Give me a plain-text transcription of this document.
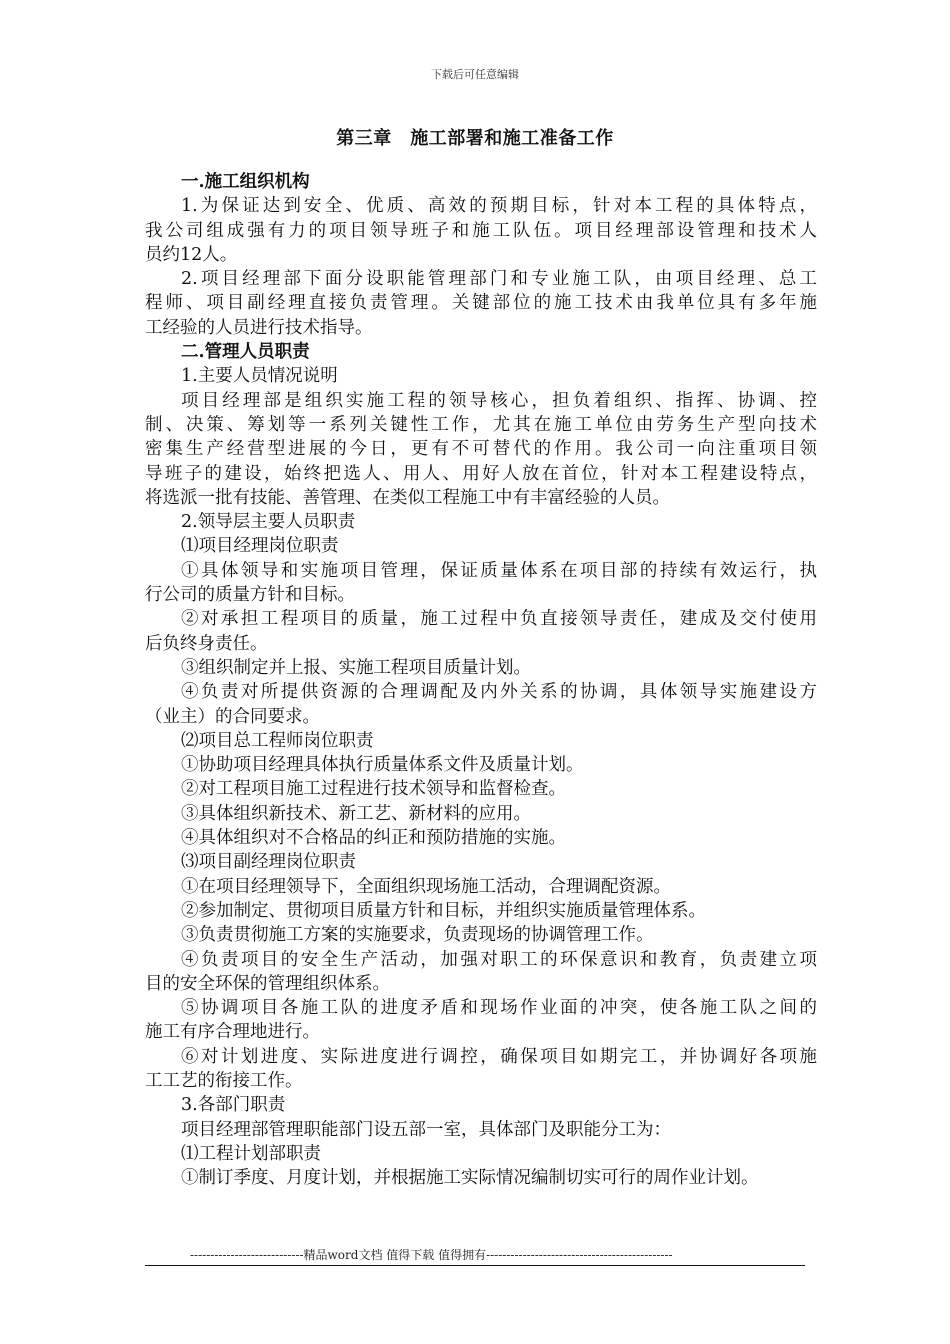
下载后可任意编辑
第三章　施工部署和施工准备工作
一.施工组织机构
1.为保证达到安全、优质、高效的预期目标，针对本工程的具体特点，
我公司组成强有力的项目领导班子和施工队伍。项目经理部设管理和技术人
员约12人。
2.项目经理部下面分设职能管理部门和专业施工队，由项目经理、总工
程师、项目副经理直接负责管理。关键部位的施工技术由我单位具有多年施
工经验的人员进行技术指导。
二.管理人员职责
1.主要人员情况说明
项目经理部是组织实施工程的领导核心，担负着组织、指挥、协调、控
制、决策、筹划等一系列关键性工作，尤其在施工单位由劳务生产型向技术
密集生产经营型进展的今日，更有不可替代的作用。我公司一向注重项目领
导班子的建设，始终把选人、用人、用好人放在首位，针对本工程建设特点，
将选派一批有技能、善管理、在类似工程施工中有丰富经验的人员。
2.领导层主要人员职责
⑴项目经理岗位职责
①具体领导和实施项目管理，保证质量体系在项目部的持续有效运行，执
行公司的质量方针和目标。
②对承担工程项目的质量，施工过程中负直接领导责任，建成及交付使用
后负终身责任。
③组织制定并上报、实施工程项目质量计划。
④负责对所提供资源的合理调配及内外关系的协调，具体领导实施建设方
（业主）的合同要求。
⑵项目总工程师岗位职责
①协助项目经理具体执行质量体系文件及质量计划。
②对工程项目施工过程进行技术领导和监督检查。
③具体组织新技术、新工艺、新材料的应用。
④具体组织对不合格品的纠正和预防措施的实施。
⑶项目副经理岗位职责
①在项目经理领导下，全面组织现场施工活动，合理调配资源。
②参加制定、贯彻项目质量方针和目标，并组织实施质量管理体系。
③负责贯彻施工方案的实施要求，负责现场的协调管理工作。
④负责项目的安全生产活动，加强对职工的环保意识和教育，负责建立项
目的安全环保的管理组织体系。
⑤协调项目各施工队的进度矛盾和现场作业面的冲突，使各施工队之间的
施工有序合理地进行。
⑥对计划进度、实际进度进行调控，确保项目如期完工，并协调好各项施
工工艺的衔接工作。
3.各部门职责
项目经理部管理职能部门设五部一室，具体部门及职能分工为：
⑴工程计划部职责
①制订季度、月度计划，并根据施工实际情况编制切实可行的周作业计划。
----------------------------精品word文档 值得下载 值得拥有----------------------------------------------
